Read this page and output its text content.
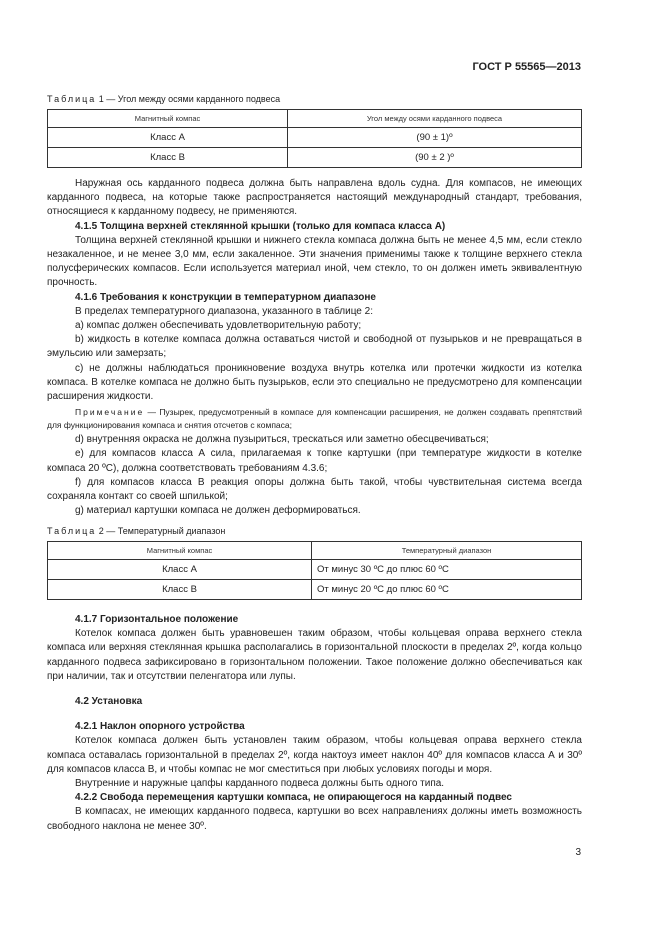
ГОСТ Р 55565—2013
Таблица 1 — Угол между осями карданного подвеса
Магнитный компас	Угол между осями карданного подвеса
Класс А	(90 ± 1)º
Класс В	(90 ± 2 )º

Наружная ось карданного подвеса должна быть направлена вдоль судна. Для компасов, не имеющих карданного подвеса, на которые также распространяется настоящий международный стандарт, требования, относящиеся к карданному подвесу, не применяются.

4.1.5 Толщина верхней стеклянной крышки (только для компаса класса А)

Толщина верхней стеклянной крышки и нижнего стекла компаса должна быть не менее 4,5 мм, если стекло незакаленное, и не менее 3,0 мм, если закаленное. Эти значения применимы также к толщине верхнего стекла полусферических компасов. Если используется материал иной, чем стекло, то он должен иметь эквивалентную прочность.

4.1.6 Требования к конструкции в температурном диапазоне

В пределах температурного диапазона, указанного в таблице 2:

а) компас должен обеспечивать удовлетворительную работу;

b) жидкость в котелке компаса должна оставаться чистой и свободной от пузырьков и не превращаться в эмульсию или замерзать;

с) не должны наблюдаться проникновение воздуха внутрь котелка или протечки жидкости из котелка компаса. В котелке компаса не должно быть пузырьков, если это специально не предусмотрено для компенсации расширения жидкости.

Примечание — Пузырек, предусмотренный в компасе для компенсации расширения, не должен создавать препятствий для функционирования компаса и снятия отсчетов с компаса;

d) внутренняя окраска не должна пузыриться, трескаться или заметно обесцвечиваться;

е) для компасов класса А сила, прилагаемая к топке картушки (при температуре жидкости в котелке компаса 20 ºС), должна соответствовать требованиям 4.3.6;

f) для компасов класса В реакция опоры должна быть такой, чтобы чувствительная система всегда сохраняла контакт со своей шпилькой;

g) материал картушки компаса не должен деформироваться.

Таблица 2 — Температурный диапазон
Магнитный компас	Температурный диапазон
Класс А	От минус 30 ºС до плюс 60 ºС
Класс В	От минус 20 ºС до плюс 60 ºС

4.1.7 Горизонтальное положение

Котелок компаса должен быть уравновешен таким образом, чтобы кольцевая оправа верхнего стекла компаса или верхняя стеклянная крышка располагались в горизонтальной плоскости в пределах 2º, когда кольцо карданного подвеса зафиксировано в горизонтальном положении. Такое положение должно обеспечиваться как при наличии, так и отсутствии пеленгатора или лупы.

4.2 Установка

4.2.1 Наклон опорного устройства

Котелок компаса должен быть установлен таким образом, чтобы кольцевая оправа верхнего стекла компаса оставалась горизонтальной в пределах 2º, когда нактоуз имеет наклон 40º для компасов класса А и 30º для компасов класса В, и чтобы компас не мог сместиться при любых условиях погоды и моря.

Внутренние и наружные цапфы карданного подвеса должны быть одного типа.

4.2.2 Свобода перемещения картушки компаса, не опирающегося на карданный подвес

В компасах, не имеющих карданного подвеса, картушки во всех направлениях должны иметь возможность свободного наклона не менее 30º.

3
